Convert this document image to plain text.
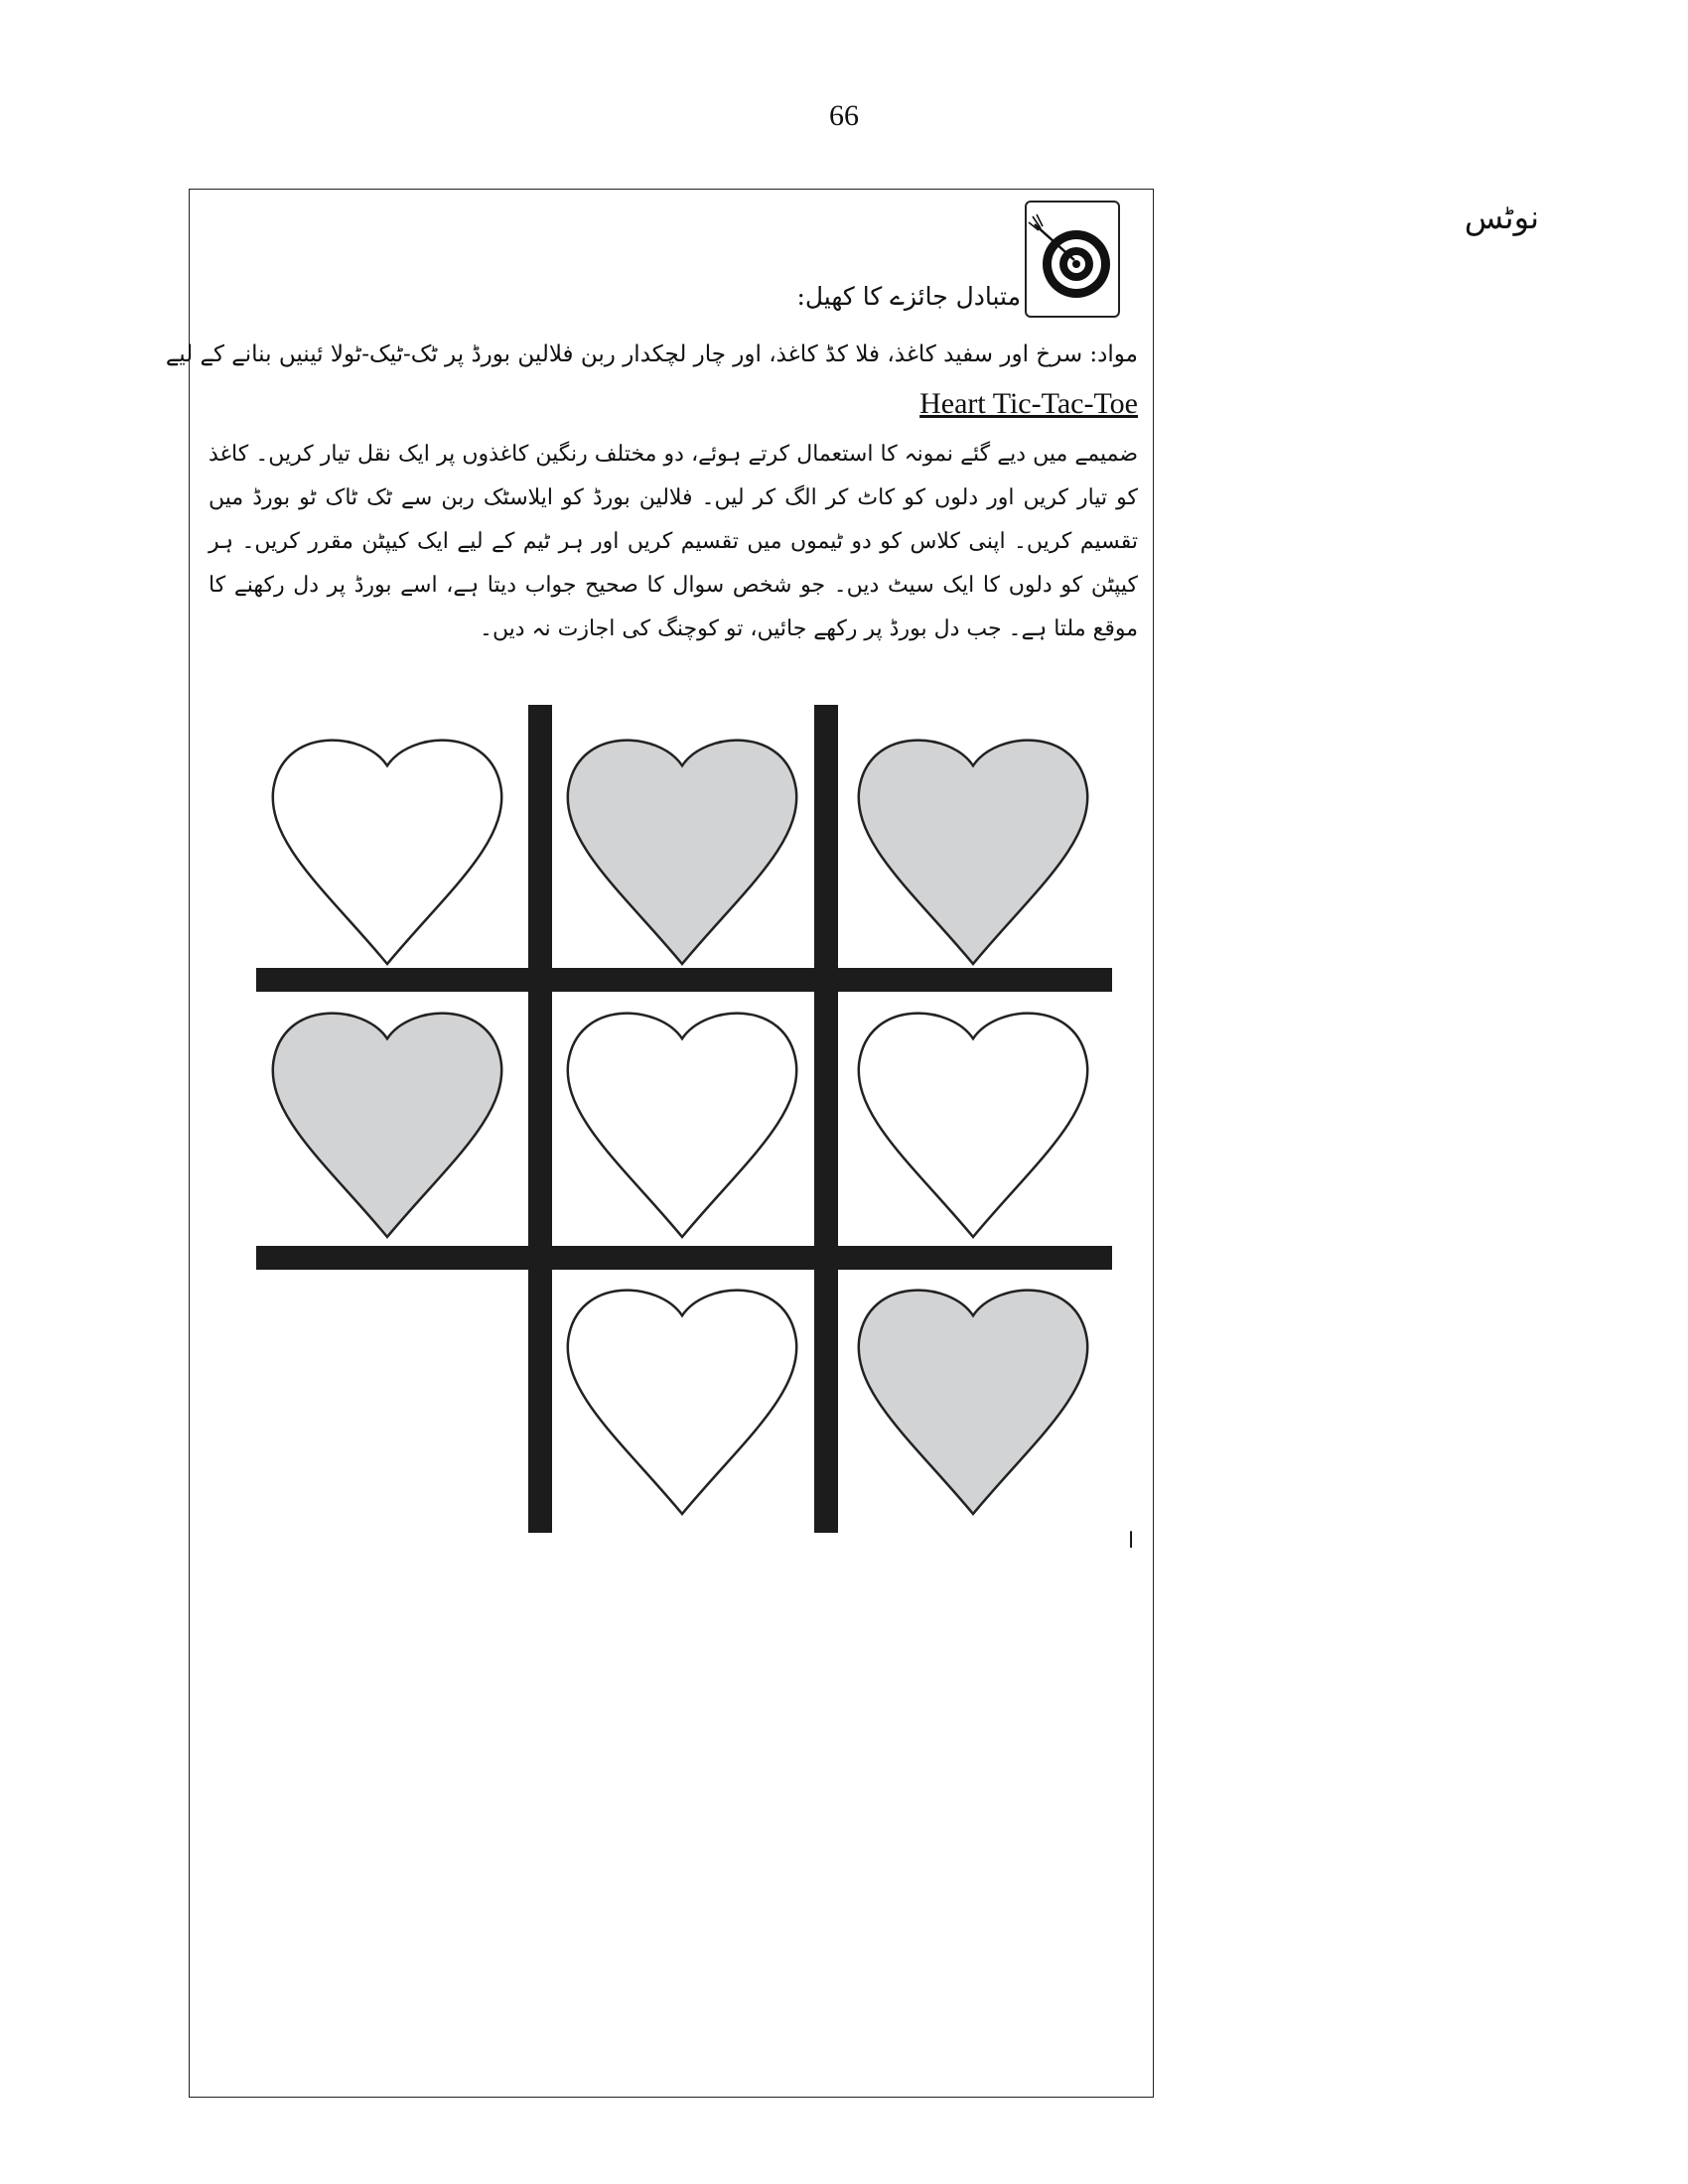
66
نوٹس
متبادل جائزے کا کھیل:
مواد: سرخ اور سفید کاغذ، فلا کڈ کاغذ، اور چار لچکدار ربن فلالین بورڈ پر ٹک-ٹیک-ٹولا ئینیں بنانے کے لیے
Heart Tic-Tac-Toe

ضمیمے میں دیے گئے نمونہ کا استعمال کرتے ہوئے، دو مختلف رنگین کاغذوں پر ایک نقل تیار کریں۔ کاغذ کو تیار کریں اور دلوں کو کاٹ کر الگ کر لیں۔ فلالین بورڈ کو ایلاسٹک ربن سے ٹک ٹاک ٹو بورڈ میں تقسیم کریں۔ اپنی کلاس کو دو ٹیموں میں تقسیم کریں اور ہر ٹیم کے لیے ایک کیپٹن مقرر کریں۔ ہر کیپٹن کو دلوں کا ایک سیٹ دیں۔ جو شخص سوال کا صحیح جواب دیتا ہے، اسے بورڈ پر دل رکھنے کا موقع ملتا ہے۔ جب دل بورڈ پر رکھے جائیں، تو کوچنگ کی اجازت نہ دیں۔

ا
